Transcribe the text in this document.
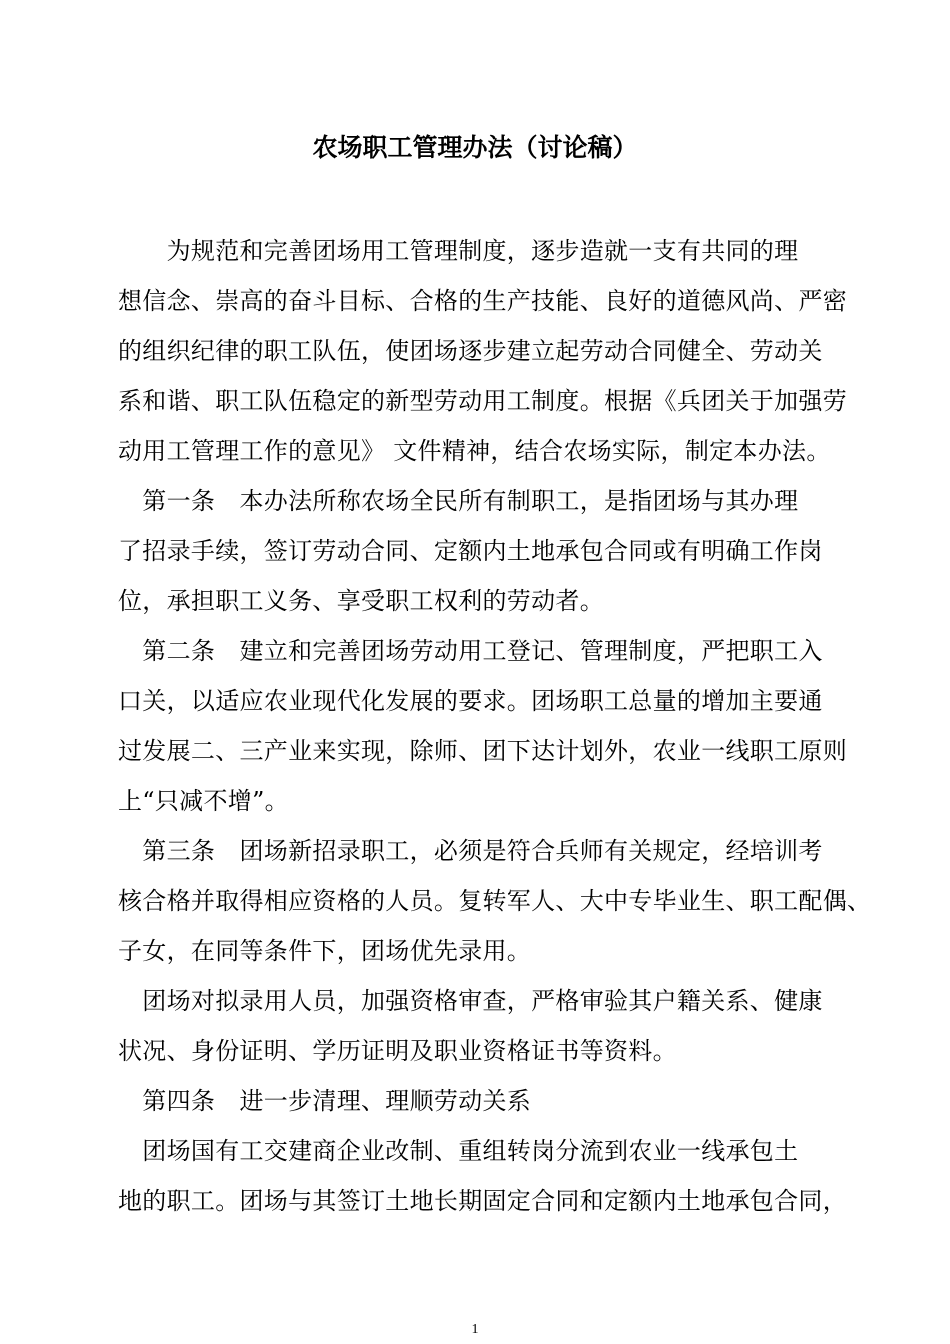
农场职工管理办法（讨论稿）
　　为规范和完善团场用工管理制度，逐步造就一支有共同的理
想信念、崇高的奋斗目标、合格的生产技能、良好的道德风尚、严密
的组织纪律的职工队伍，使团场逐步建立起劳动合同健全、劳动关
系和谐、职工队伍稳定的新型劳动用工制度。根据《兵团关于加强劳
动用工管理工作的意见》 文件精神，结合农场实际，制定本办法。
　第一条　本办法所称农场全民所有制职工，是指团场与其办理
了招录手续，签订劳动合同、定额内土地承包合同或有明确工作岗
位，承担职工义务、享受职工权利的劳动者。
　第二条　建立和完善团场劳动用工登记、管理制度，严把职工入
口关，以适应农业现代化发展的要求。团场职工总量的增加主要通
过发展二、三产业来实现，除师、团下达计划外，农业一线职工原则
上“只减不增”。
　第三条　团场新招录职工，必须是符合兵师有关规定，经培训考
核合格并取得相应资格的人员。复转军人、大中专毕业生、职工配偶、
子女，在同等条件下，团场优先录用。
　团场对拟录用人员，加强资格审查，严格审验其户籍关系、健康
状况、身份证明、学历证明及职业资格证书等资料。
　第四条　进一步清理、理顺劳动关系
　团场国有工交建商企业改制、重组转岗分流到农业一线承包土
地的职工。团场与其签订土地长期固定合同和定额内土地承包合同，
1
